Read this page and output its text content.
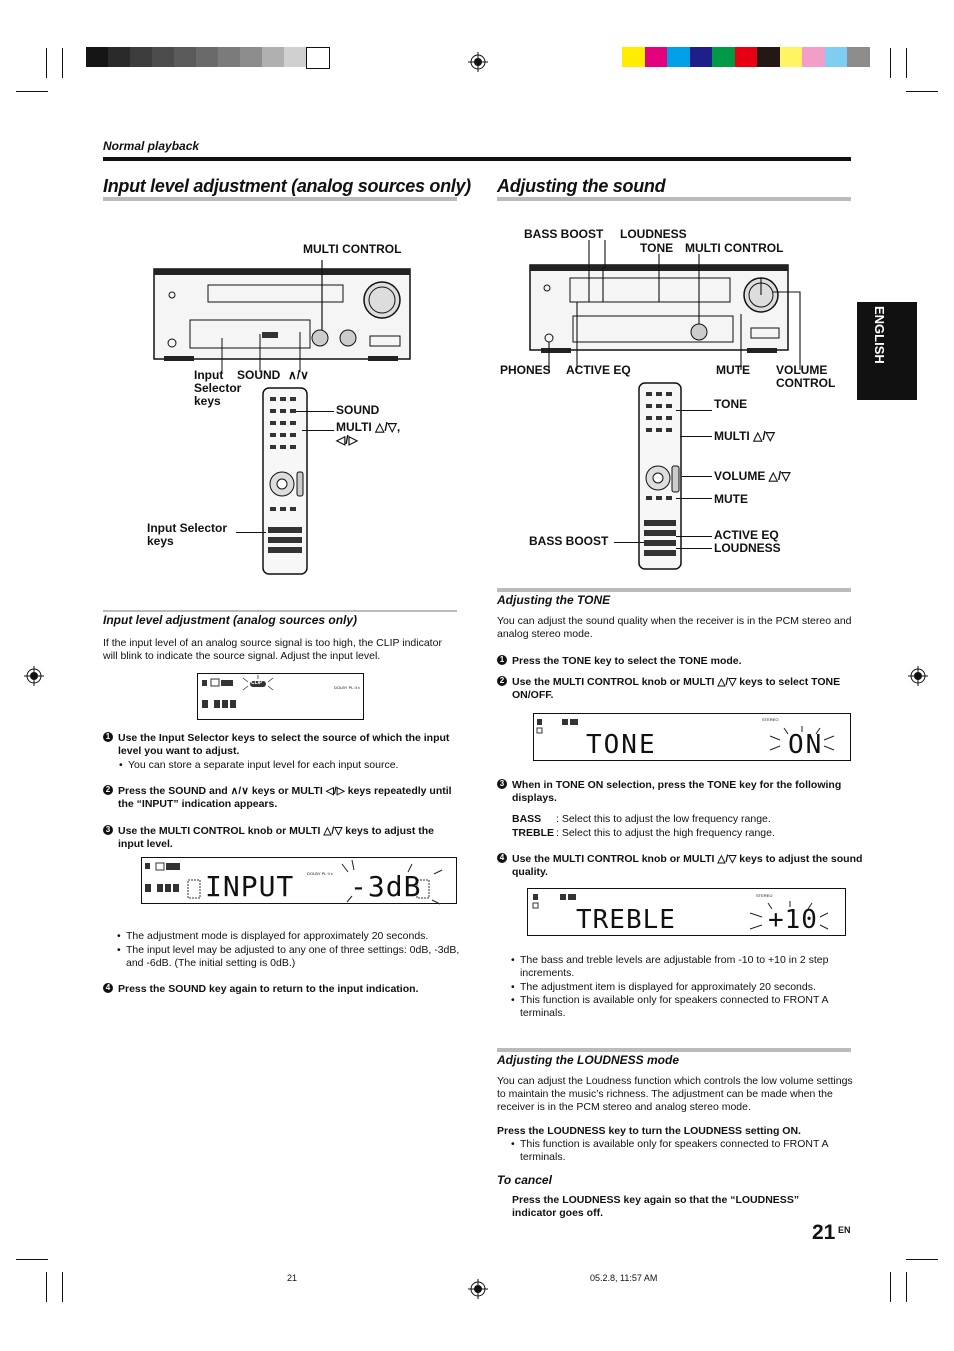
Normal playback
ENGLISH
Input level adjustment (analog sources only)
MULTI CONTROL
Input
Selector
keys
SOUND ∧/∨
SOUND
MULTI △/▽,
◁/▷
Input Selector
keys
Input level adjustment (analog sources only)
If the input level of an analog source signal is too high, the CLIP indicator will blink to indicate the source signal. Adjust the input level.
CLIP
DOLBY PL II x
1 Use the Input Selector keys to select the source of which the input level you want to adjust.
• You can store a separate input level for each input source.
2 Press the SOUND and ∧/∨ keys or MULTI ◁/▷ keys repeatedly until the “INPUT” indication appears.
3 Use the MULTI CONTROL knob or MULTI △/▽ keys to adjust the input level.
INPUT -3dB
DOLBY PL II x
• The adjustment mode is displayed for approximately 20 seconds.
• The input level may be adjusted to any one of three settings: 0dB, -3dB, and -6dB. (The initial setting is 0dB.)
4 Press the SOUND key again to return to the input indication.
Adjusting the sound
BASS BOOST LOUDNESS
TONE MULTI CONTROL
PHONES ACTIVE EQ	MUTE VOLUME
CONTROL
TONE
MULTI △/▽
VOLUME △/▽
MUTE
BASS BOOST	ACTIVE EQ
LOUDNESS
Adjusting the TONE
You can adjust the sound quality when the receiver is in the PCM stereo and analog stereo mode.
1 Press the TONE key to select the TONE mode.
2 Use the MULTI CONTROL knob or MULTI △/▽ keys to select TONE ON/OFF.
TONE	ON
STEREO
3 When in TONE ON selection, press the TONE key for the following displays.
BASS : Select this to adjust the low frequency range.
TREBLE : Select this to adjust the high frequency range.
4 Use the MULTI CONTROL knob or MULTI △/▽ keys to adjust the sound quality.
TREBLE	+10
STEREO
• The bass and treble levels are adjustable from -10 to +10 in 2 step increments.
• The adjustment item is displayed for approximately 20 seconds.
• This function is available only for speakers connected to FRONT A terminals.
Adjusting the LOUDNESS mode
You can adjust the Loudness function which controls the low volume settings to maintain the music’s richness. The adjustment can be made when the receiver is in the PCM stereo and analog stereo mode.
Press the LOUDNESS key to turn the LOUDNESS setting ON.
• This function is available only for speakers connected to FRONT A terminals.
To cancel
Press the LOUDNESS key again so that the “LOUDNESS” indicator goes off.
21 EN
21	05.2.8, 11:57 AM
